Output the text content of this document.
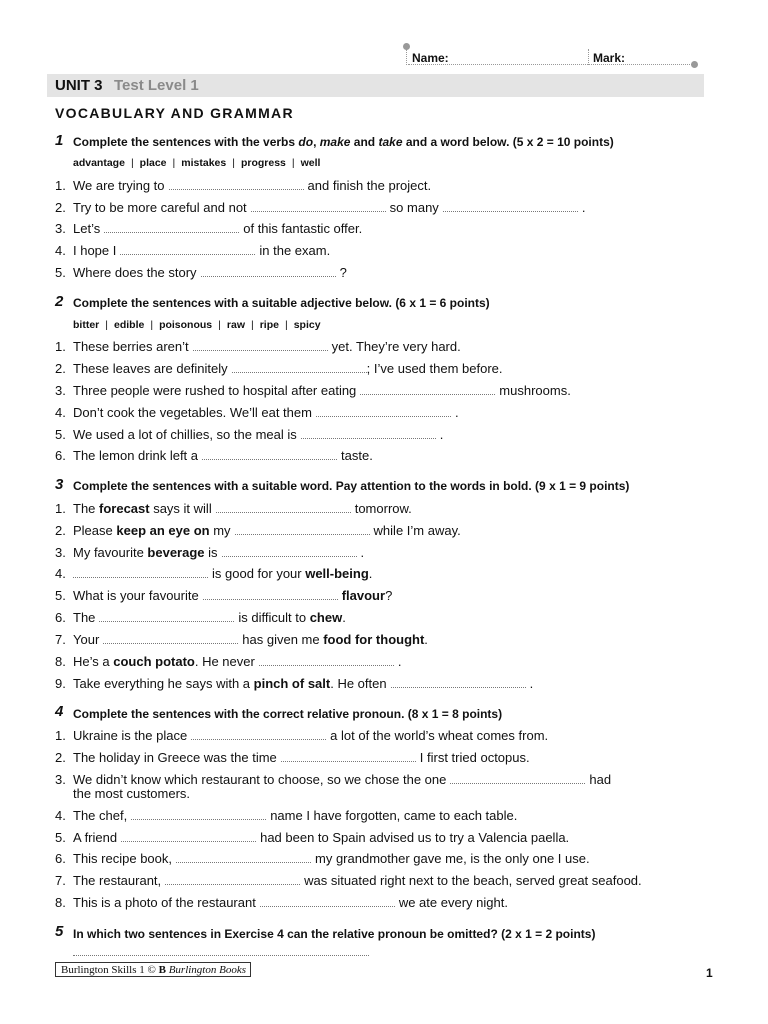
Name:	Mark:
UNIT 3 Test Level 1
VOCABULARY AND GRAMMAR
1 Complete the sentences with the verbs do, make and take and a word below. (5 x 2 = 10 points)
advantage | place | mistakes | progress | well
1. We are trying to	and finish the project.
2. Try to be more careful and not	so many	.
3. Let’s	of this fantastic offer.
4. I hope I	in the exam.
5. Where does the story	?
2 Complete the sentences with a suitable adjective below. (6 x 1 = 6 points)
bitter | edible | poisonous | raw | ripe | spicy
1. These berries aren’t	yet. They’re very hard.
2. These leaves are definitely	; I’ve used them before.
3. Three people were rushed to hospital after eating	mushrooms.
4. Don’t cook the vegetables. We’ll eat them	.
5. We used a lot of chillies, so the meal is	.
6. The lemon drink left a	taste.
3 Complete the sentences with a suitable word. Pay attention to the words in bold. (9 x 1 = 9 points)
1. The forecast says it will	tomorrow.
2. Please keep an eye on my	while I’m away.
3. My favourite beverage is	.
4.	is good for your well-being.
5. What is your favourite	flavour?
6. The	is difficult to chew.
7. Your	has given me food for thought.
8. He’s a couch potato. He never	.
9. Take everything he says with a pinch of salt. He often	.
4 Complete the sentences with the correct relative pronoun. (8 x 1 = 8 points)
1. Ukraine is the place	a lot of the world’s wheat comes from.
2. The holiday in Greece was the time	I first tried octopus.
3. We didn’t know which restaurant to choose, so we chose the one	had
the most customers.
4. The chef,	name I have forgotten, came to each table.
5. A friend	had been to Spain advised us to try a Valencia paella.
6. This recipe book,	my grandmother gave me, is the only one I use.
7. The restaurant,	was situated right next to the beach, served great seafood.
8. This is a photo of the restaurant	we ate every night.
5 In which two sentences in Exercise 4 can the relative pronoun be omitted? (2 x 1 = 2 points)
Burlington Skills 1 © B Burlington Books	1
